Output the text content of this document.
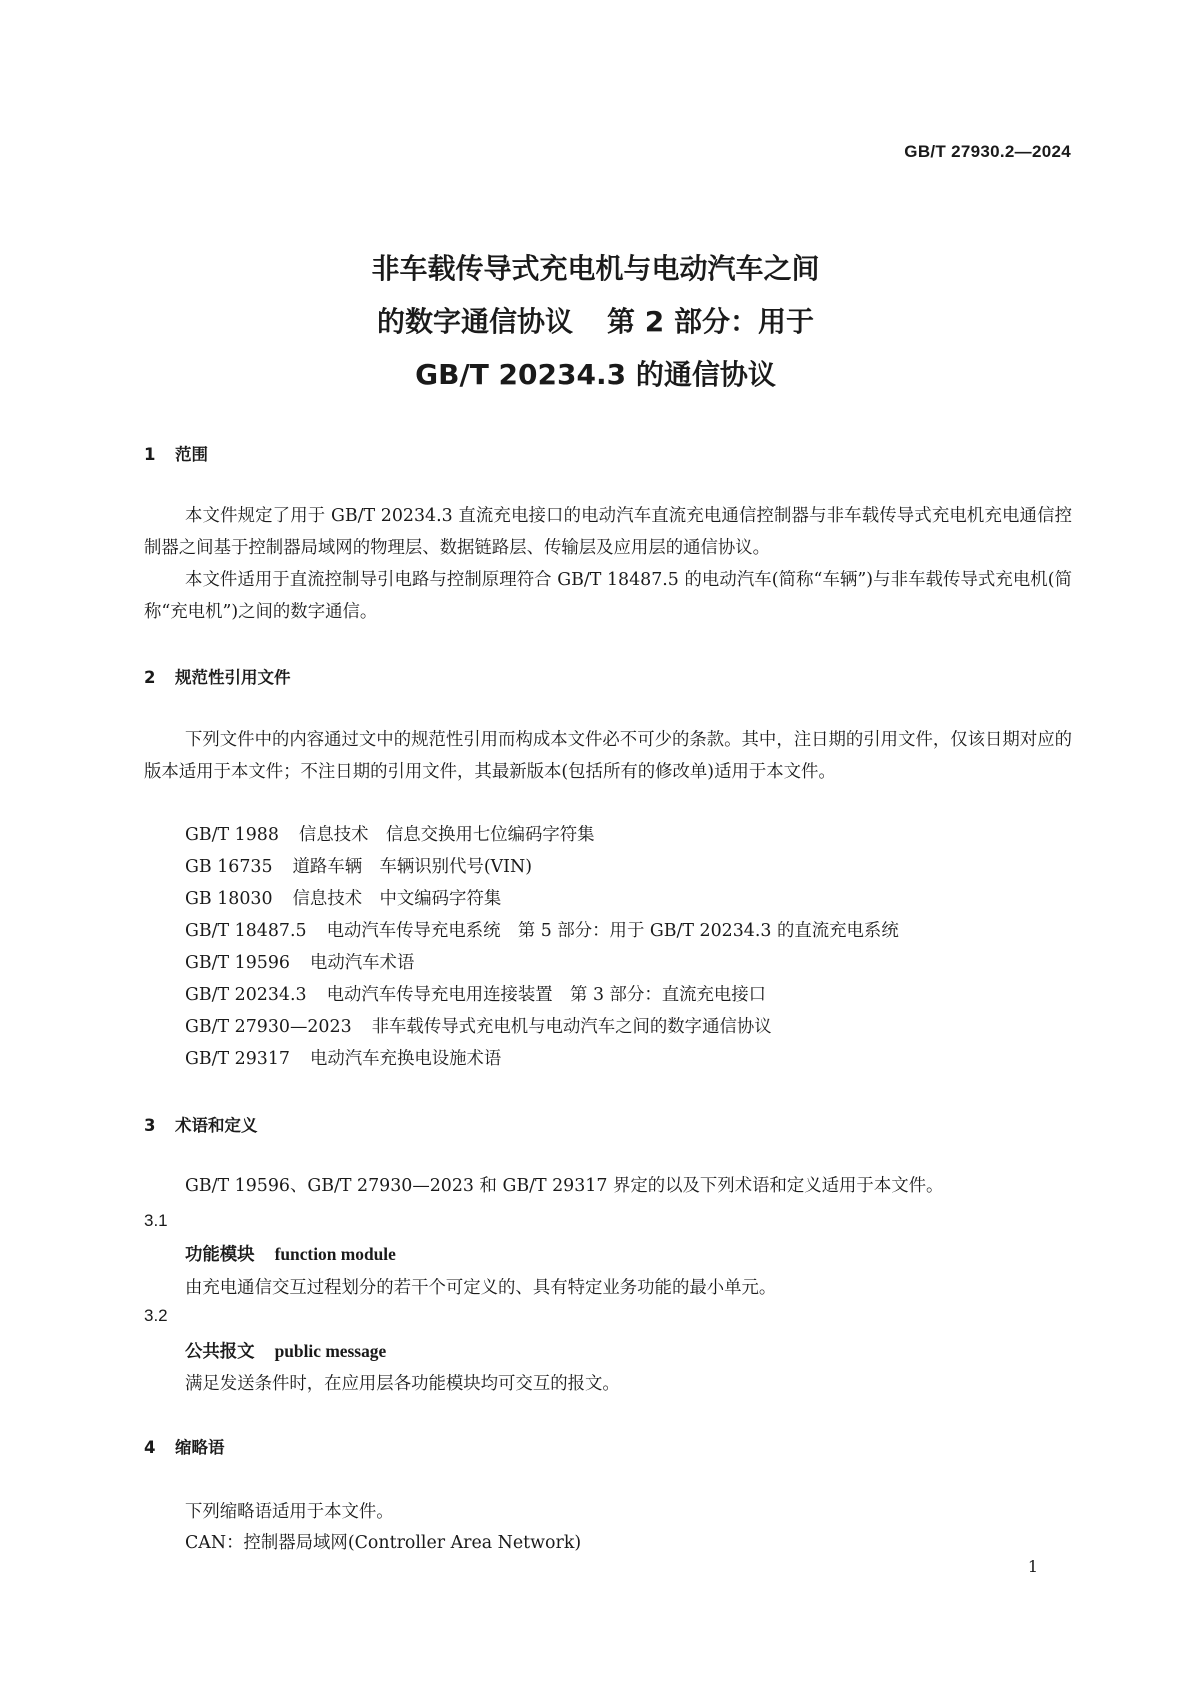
GB/T 27930.2—2024
非车载传导式充电机与电动汽车之间
的数字通信协议 第 2 部分：用于
GB/T 20234.3 的通信协议
1 范围
本文件规定了用于 GB/T 20234.3 直流充电接口的电动汽车直流充电通信控制器与非车载传导式充电机充电通信控制器之间基于控制器局域网的物理层、数据链路层、传输层及应用层的通信协议。
本文件适用于直流控制导引电路与控制原理符合 GB/T 18487.5 的电动汽车(简称“车辆”)与非车载传导式充电机(简称“充电机”)之间的数字通信。
2 规范性引用文件
下列文件中的内容通过文中的规范性引用而构成本文件必不可少的条款。其中，注日期的引用文件，仅该日期对应的版本适用于本文件；不注日期的引用文件，其最新版本(包括所有的修改单)适用于本文件。
GB/T 1988 信息技术　信息交换用七位编码字符集
GB 16735 道路车辆　车辆识别代号(VIN)
GB 18030 信息技术　中文编码字符集
GB/T 18487.5 电动汽车传导充电系统　第 5 部分：用于 GB/T 20234.3 的直流充电系统
GB/T 19596 电动汽车术语
GB/T 20234.3 电动汽车传导充电用连接装置　第 3 部分：直流充电接口
GB/T 27930—2023 非车载传导式充电机与电动汽车之间的数字通信协议
GB/T 29317 电动汽车充换电设施术语
3 术语和定义
GB/T 19596、GB/T 27930—2023 和 GB/T 29317 界定的以及下列术语和定义适用于本文件。
3.1
功能模块 function module
由充电通信交互过程划分的若干个可定义的、具有特定业务功能的最小单元。
3.2
公共报文 public message
满足发送条件时，在应用层各功能模块均可交互的报文。
4 缩略语
下列缩略语适用于本文件。
CAN：控制器局域网(Controller Area Network)
1
